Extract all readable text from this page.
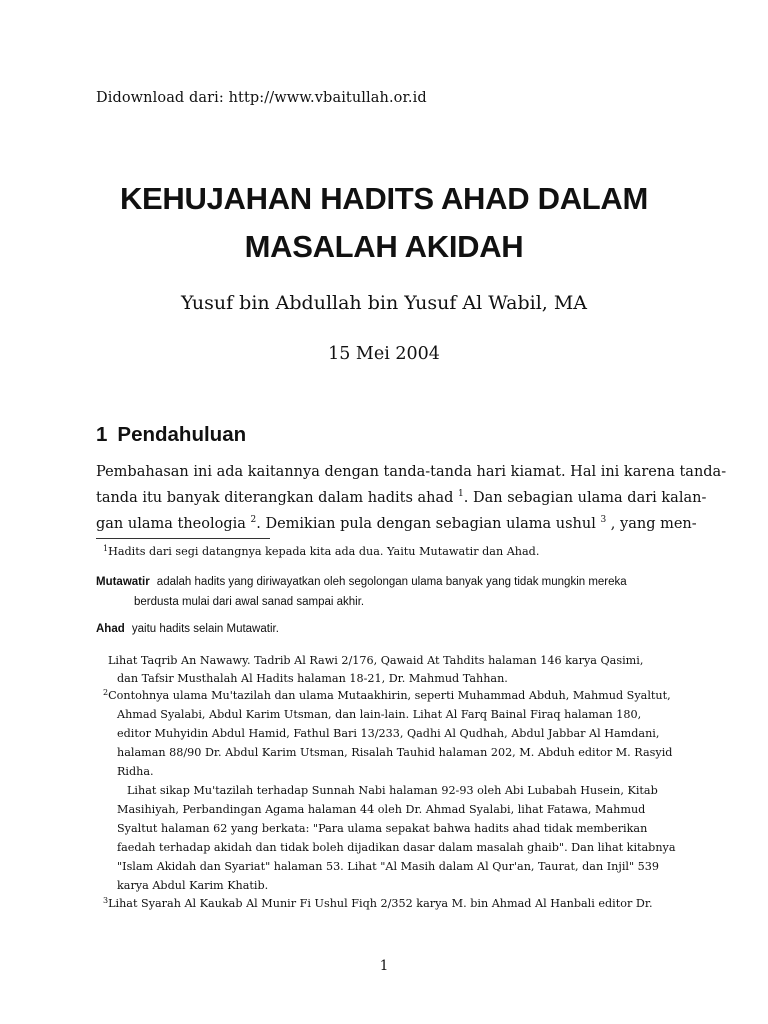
Didownload dari: http://www.vbaitullah.or.id
KEHUJAHAN HADITS AHAD DALAM
MASALAH AKIDAH
Yusuf bin Abdullah bin Yusuf Al Wabil, MA
15 Mei 2004
1 Pendahuluan
Pembahasan ini ada kaitannya dengan tanda-tanda hari kiamat. Hal ini karena tanda-
tanda itu banyak diterangkan dalam hadits ahad $^1$. Dan sebagian ulama dari kalan-
gan ulama theologia $^2$. Demikian pula dengan sebagian ulama ushul $^3$ , yang men-
$^1$Hadits dari segi datangnya kepada kita ada dua. Yaitu Mutawatir dan Ahad.
Mutawatir adalah hadits yang diriwayatkan oleh segolongan ulama banyak yang tidak mungkin mereka
berdusta mulai dari awal sanad sampai akhir.
Ahad yaitu hadits selain Mutawatir.
Lihat Taqrib An Nawawy. Tadrib Al Rawi 2/176, Qawaid At Tahdits halaman 146 karya Qasimi,
dan Tafsir Musthalah Al Hadits halaman 18-21, Dr. Mahmud Tahhan.
$^2$Contohnya ulama Mu'tazilah dan ulama Mutaakhirin, seperti Muhammad Abduh, Mahmud Syaltut,
Ahmad Syalabi, Abdul Karim Utsman, dan lain-lain. Lihat Al Farq Bainal Firaq halaman 180,
editor Muhyidin Abdul Hamid, Fathul Bari 13/233, Qadhi Al Qudhah, Abdul Jabbar Al Hamdani,
halaman 88/90 Dr. Abdul Karim Utsman, Risalah Tauhid halaman 202, M. Abduh editor M. Rasyid
Ridha.
Lihat sikap Mu'tazilah terhadap Sunnah Nabi halaman 92-93 oleh Abi Lubabah Husein, Kitab
Masihiyah, Perbandingan Agama halaman 44 oleh Dr. Ahmad Syalabi, lihat Fatawa, Mahmud
Syaltut halaman 62 yang berkata: "Para ulama sepakat bahwa hadits ahad tidak memberikan
faedah terhadap akidah dan tidak boleh dijadikan dasar dalam masalah ghaib". Dan lihat kitabnya
"Islam Akidah dan Syariat" halaman 53. Lihat "Al Masih dalam Al Qur'an, Taurat, dan Injil" 539
karya Abdul Karim Khatib.
$^3$Lihat Syarah Al Kaukab Al Munir Fi Ushul Fiqh 2/352 karya M. bin Ahmad Al Hanbali editor Dr.
1
